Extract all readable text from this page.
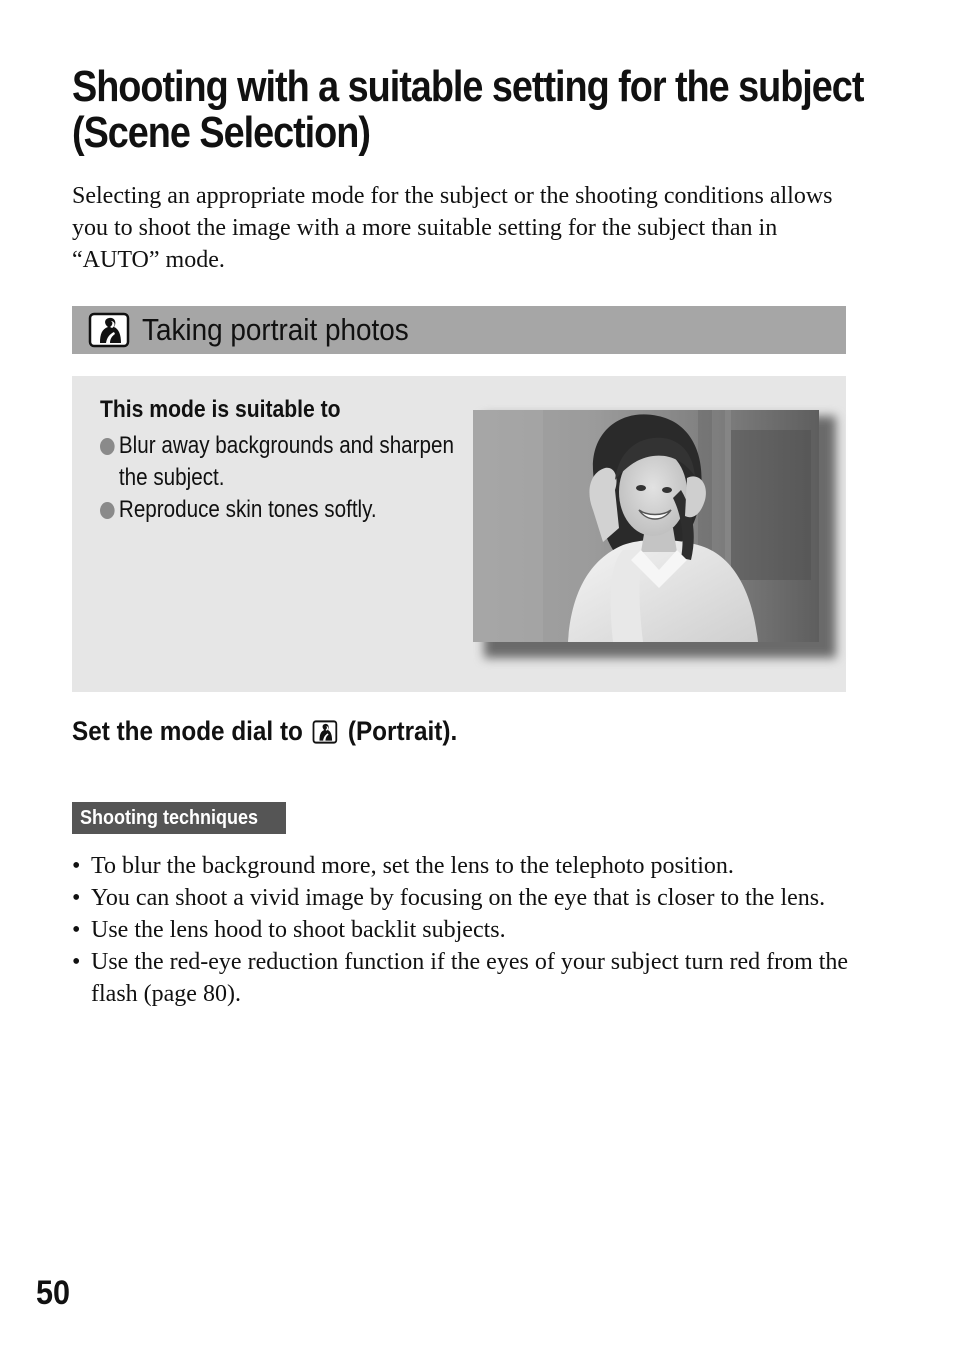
Shooting with a suitable setting for the subject (Scene Selection)

Selecting an appropriate mode for the subject or the shooting conditions allows you to shoot the image with a more suitable setting for the subject than in “AUTO” mode.

Taking portrait photos
This mode is suitable to
Blur away backgrounds and sharpen the subject.
Reproduce skin tones softly.
Set the mode dial to (Portrait).
Shooting techniques
• To blur the background more, set the lens to the telephoto position.
• You can shoot a vivid image by focusing on the eye that is closer to the lens.
• Use the lens hood to shoot backlit subjects.
• Use the red-eye reduction function if the eyes of your subject turn red from the flash (page 80).
50
